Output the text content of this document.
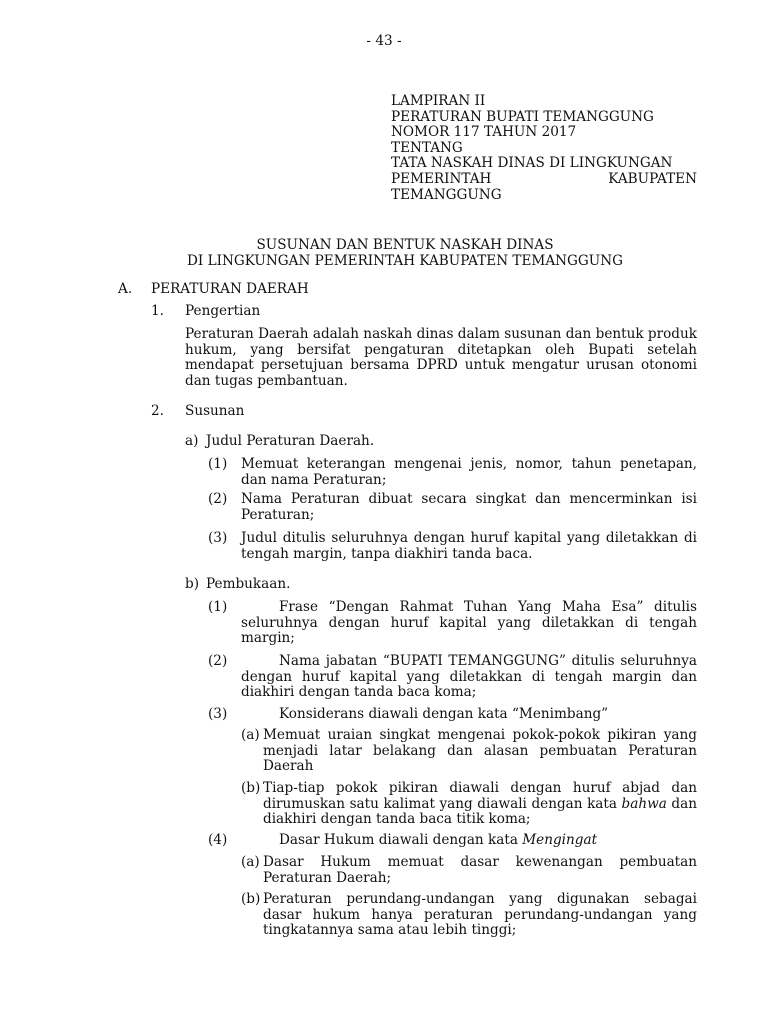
- 43 -
LAMPIRAN II
PERATURAN BUPATI TEMANGGUNG
NOMOR 117 TAHUN 2017
TENTANG
TATA NASKAH DINAS DI LINGKUNGAN
PEMERINTAH	KABUPATEN
TEMANGGUNG
SUSUNAN DAN BENTUK NASKAH DINAS
DI LINGKUNGAN PEMERINTAH KABUPATEN TEMANGGUNG
A. PERATURAN DAERAH
1. Pengertian
Peraturan Daerah adalah naskah dinas dalam susunan dan bentuk produk hukum, yang bersifat pengaturan ditetapkan oleh Bupati setelah mendapat persetujuan bersama DPRD untuk mengatur urusan otonomi dan tugas pembantuan.
2. Susunan
a) Judul Peraturan Daerah.
(1)	Memuat keterangan mengenai jenis, nomor, tahun penetapan, dan nama Peraturan;
(2)	Nama Peraturan dibuat secara singkat dan mencerminkan isi Peraturan;
(3)	Judul ditulis seluruhnya dengan huruf kapital yang diletakkan di tengah margin, tanpa diakhiri tanda baca.
b) Pembukaan.
(1)	Frase “Dengan Rahmat Tuhan Yang Maha Esa” ditulis seluruhnya dengan huruf kapital yang diletakkan di tengah margin;
(2)	Nama jabatan “BUPATI TEMANGGUNG” ditulis seluruhnya dengan huruf kapital yang diletakkan di tengah margin dan diakhiri dengan tanda baca koma;
(3)	Konsiderans diawali dengan kata “Menimbang”
(a) Memuat uraian singkat mengenai pokok-pokok pikiran yang menjadi latar belakang dan alasan pembuatan Peraturan Daerah
(b) Tiap-tiap pokok pikiran diawali dengan huruf abjad dan dirumuskan satu kalimat yang diawali dengan kata bahwa dan diakhiri dengan tanda baca titik koma;
(4)	Dasar Hukum diawali dengan kata Mengingat
(a) Dasar Hukum memuat dasar kewenangan pembuatan Peraturan Daerah;
(b) Peraturan perundang-undangan yang digunakan sebagai dasar hukum hanya peraturan perundang-undangan yang tingkatannya sama atau lebih tinggi;
